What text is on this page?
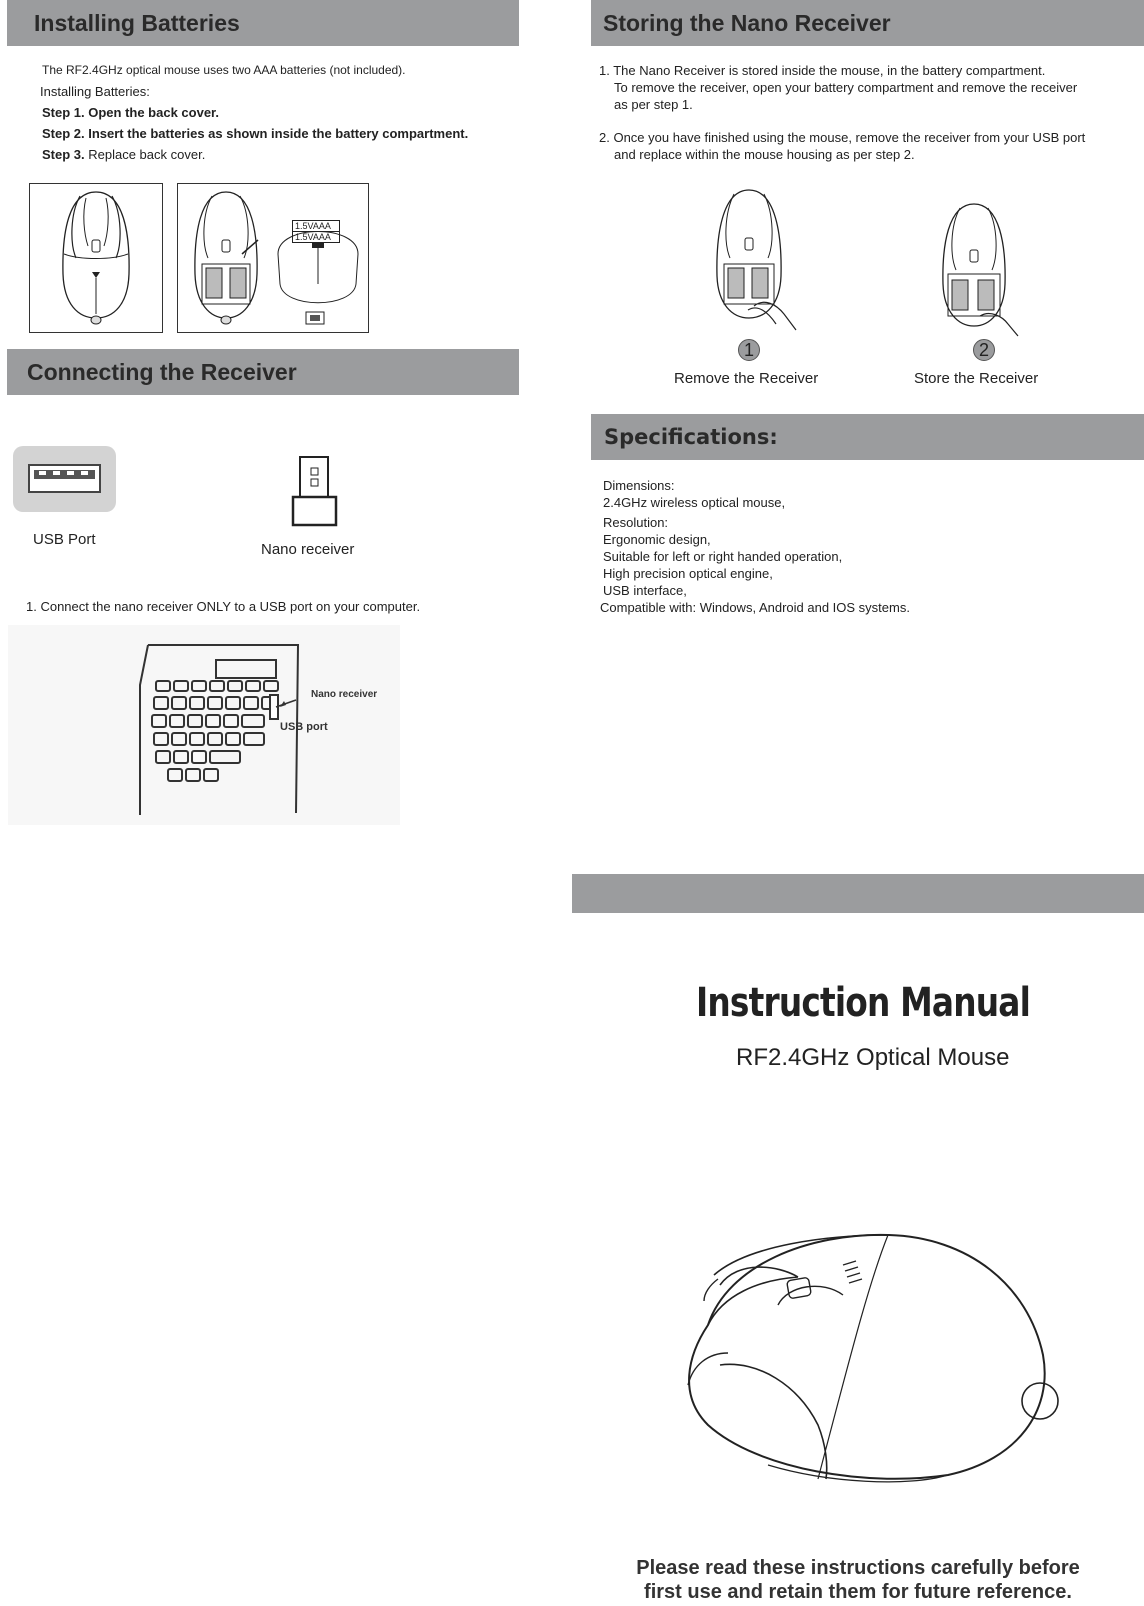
Installing Batteries
The RF2.4GHz optical mouse uses two AAA batteries (not included).
Installing Batteries:
Step 1. Open the back cover.
Step 2. Insert the batteries as shown inside the battery compartment.
Step 3. Replace back cover.
1.5VAAA
1.5VAAA
Connecting the Receiver
USB Port
Nano receiver
1. Connect the nano receiver ONLY to a USB port on your computer.
Nano receiver
USB port
Storing the Nano Receiver
1. The Nano Receiver is stored inside the mouse, in the battery compartment.
To remove the receiver, open your battery compartment and remove the receiver
as per step 1.
2. Once you have finished using the mouse, remove the receiver from your USB port
and replace within the mouse housing as per step 2.
1
Remove the Receiver
2
Store the Receiver
Specifications:
Dimensions:
2.4GHz wireless optical mouse,
Resolution:
Ergonomic design,
Suitable for left or right handed operation,
High precision optical engine,
USB interface,
Compatible with: Windows, Android and IOS systems.
Instruction Manual
RF2.4GHz Optical Mouse
Please read these instructions carefully before
first use and retain them for future reference.
